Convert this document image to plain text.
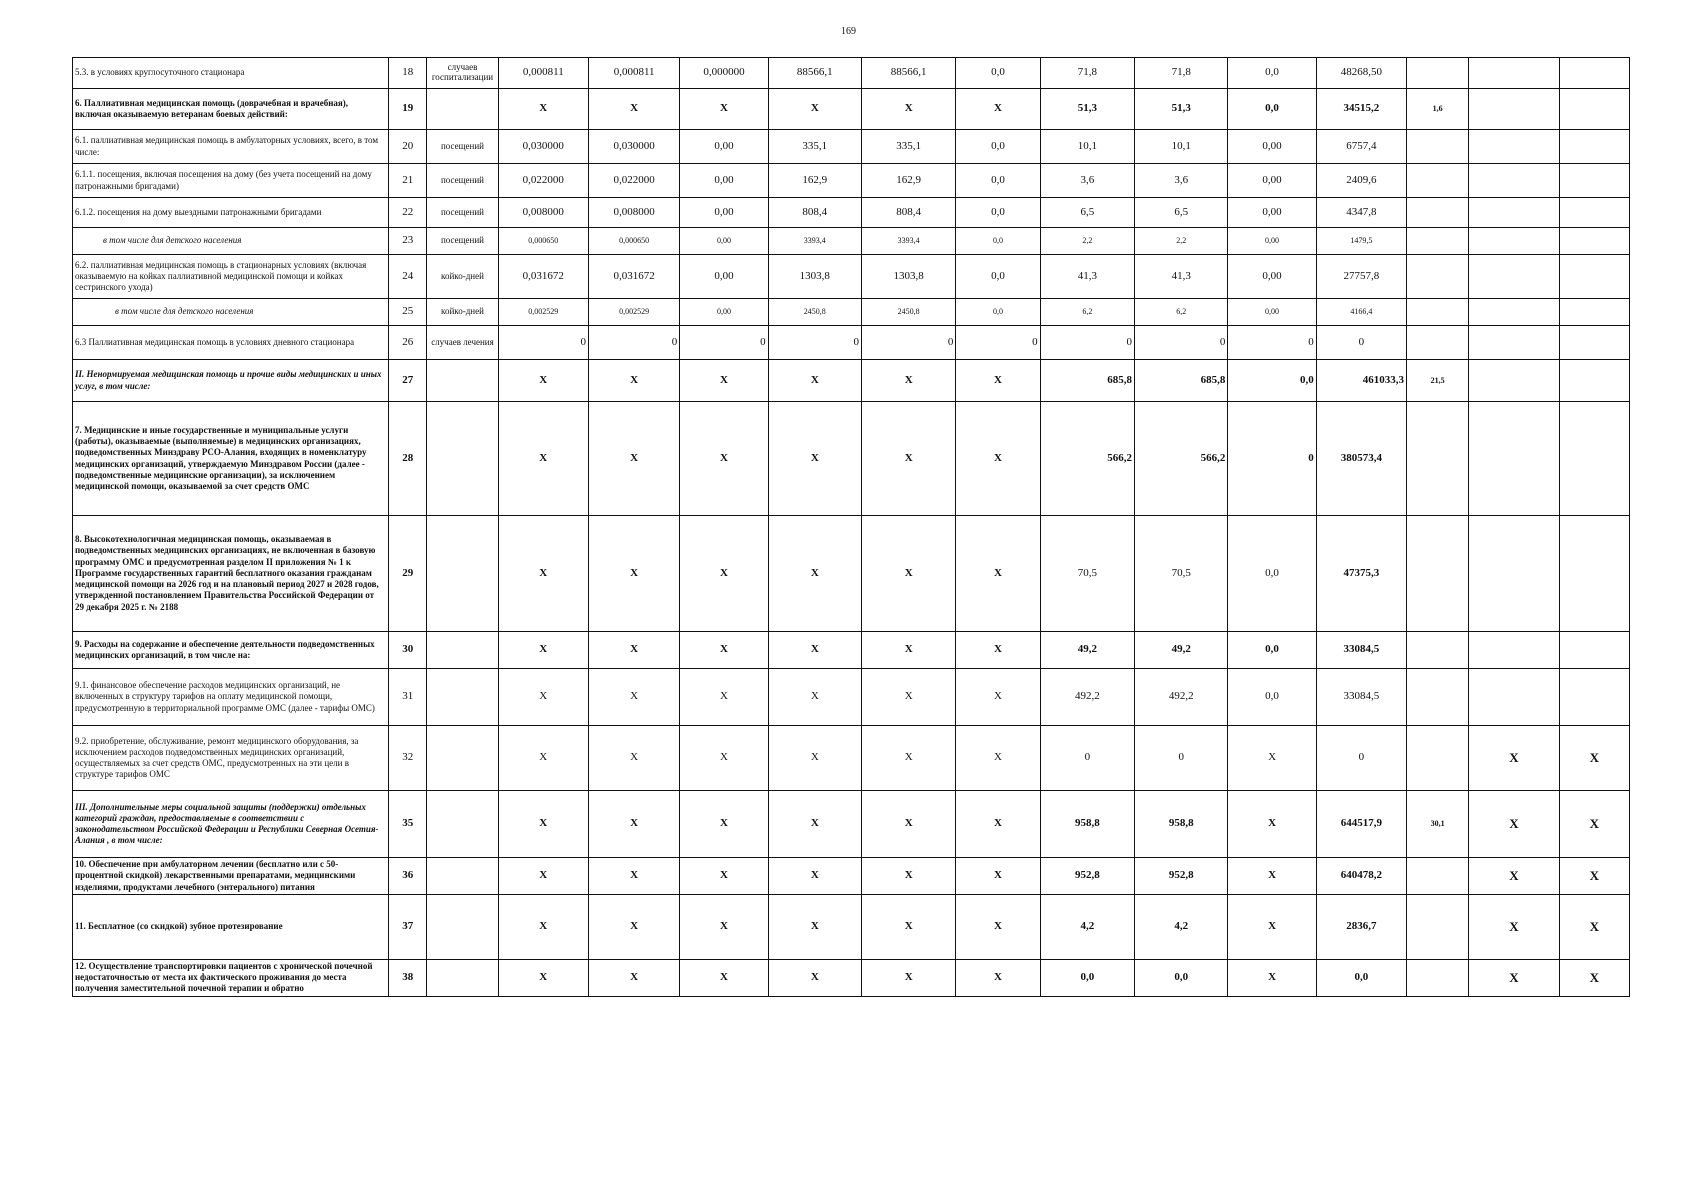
169
5.3. в условиях круглосуточного стационара	18	случаев госпитализации	0,000811	0,000811	0,000000	88566,1	88566,1	0,0	71,8	71,8	0,0	48268,50			
6. Паллиативная медицинская помощь (доврачебная и врачебная), включая оказываемую ветеранам боевых действий:	19		X	X	X	X	X	X	51,3	51,3	0,0	34515,2	1,6		
6.1. паллиативная медицинская помощь в амбулаторных условиях, всего, в том числе:	20	посещений	0,030000	0,030000	0,00	335,1	335,1	0,0	10,1	10,1	0,00	6757,4			
6.1.1. посещения, включая посещения на дому (без учета посещений на дому патронажными бригадами)	21	посещений	0,022000	0,022000	0,00	162,9	162,9	0,0	3,6	3,6	0,00	2409,6			
6.1.2. посещения на дому выездными патронажными бригадами	22	посещений	0,008000	0,008000	0,00	808,4	808,4	0,0	6,5	6,5	0,00	4347,8			
в том числе для детского населения	23	посещений	0,000650	0,000650	0,00	3393,4	3393,4	0,0	2,2	2,2	0,00	1479,5			
6.2. паллиативная медицинская помощь в стационарных условиях (включая оказываемую на койках паллиативной медицинской помощи и койках сестринского ухода)	24	койко-дней	0,031672	0,031672	0,00	1303,8	1303,8	0,0	41,3	41,3	0,00	27757,8			
в том числе для детского населения	25	койко-дней	0,002529	0,002529	0,00	2450,8	2450,8	0,0	6,2	6,2	0,00	4166,4			
6.3 Паллиативная медицинская помощь в условиях дневного стационара	26	случаев лечения	0	0	0	0	0	0	0	0	0	0			
II. Ненормируемая медицинская помощь и прочие виды медицинских и иных услуг, в том числе:	27		X	X	X	X	X	X	685,8	685,8	0,0	461033,3	21,5		
7. Медицинские и иные государственные и муниципальные услуги (работы), оказываемые (выполняемые) в медицинских организациях, подведомственных Минздраву РСО-Алания, входящих в номенклатуру медицинских организаций, утверждаемую Минздравом России (далее - подведомственные медицинские организации), за исключением медицинской помощи, оказываемой за счет средств ОМС	28		X	X	X	X	X	X	566,2	566,2	0	380573,4			
8. Высокотехнологичная медицинская помощь, оказываемая в подведомственных медицинских организациях, не включенная в базовую программу ОМС и предусмотренная разделом II приложения № 1 к Программе государственных гарантий бесплатного оказания гражданам медицинской помощи на 2026 год и на плановый период 2027 и 2028 годов, утвержденной постановлением Правительства Российской Федерации от 29 декабря 2025 г. № 2188	29		X	X	X	X	X	X	70,5	70,5	0,0	47375,3			
9. Расходы на содержание и обеспечение деятельности подведомственных медицинских организаций, в том числе на:	30		X	X	X	X	X	X	49,2	49,2	0,0	33084,5			
9.1. финансовое обеспечение расходов медицинских организаций, не включенных в структуру тарифов на оплату медицинской помощи, предусмотренную в территориальной программе ОМС (далее - тарифы ОМС)	31		X	X	X	X	X	X	492,2	492,2	0,0	33084,5			
9.2. приобретение, обслуживание, ремонт медицинского оборудования, за исключением расходов подведомственных медицинских организаций, осуществляемых за счет средств ОМС, предусмотренных на эти цели в структуре тарифов ОМС	32		X	X	X	X	X	X	0	0	X	0		X	X
III. Дополнительные меры социальной защиты (поддержки) отдельных категорий граждан, предоставляемые в соответствии с законодательством Российской Федерации и Республики Северная Осетия-Алания , в том числе:	35		X	X	X	X	X	X	958,8	958,8	X	644517,9	30,1	X	X
10. Обеспечение при амбулаторном лечении (бесплатно или с 50-процентной скидкой) лекарственными препаратами, медицинскими изделиями, продуктами лечебного (энтерального) питания	36		X	X	X	X	X	X	952,8	952,8	X	640478,2		X	X
11. Бесплатное (со скидкой) зубное протезирование	37		X	X	X	X	X	X	4,2	4,2	X	2836,7		X	X
12. Осуществление транспортировки пациентов с хронической почечной недостаточностью от места их фактического проживания до места получения заместительной почечной терапии и обратно	38		X	X	X	X	X	X	0,0	0,0	X	0,0		X	X
